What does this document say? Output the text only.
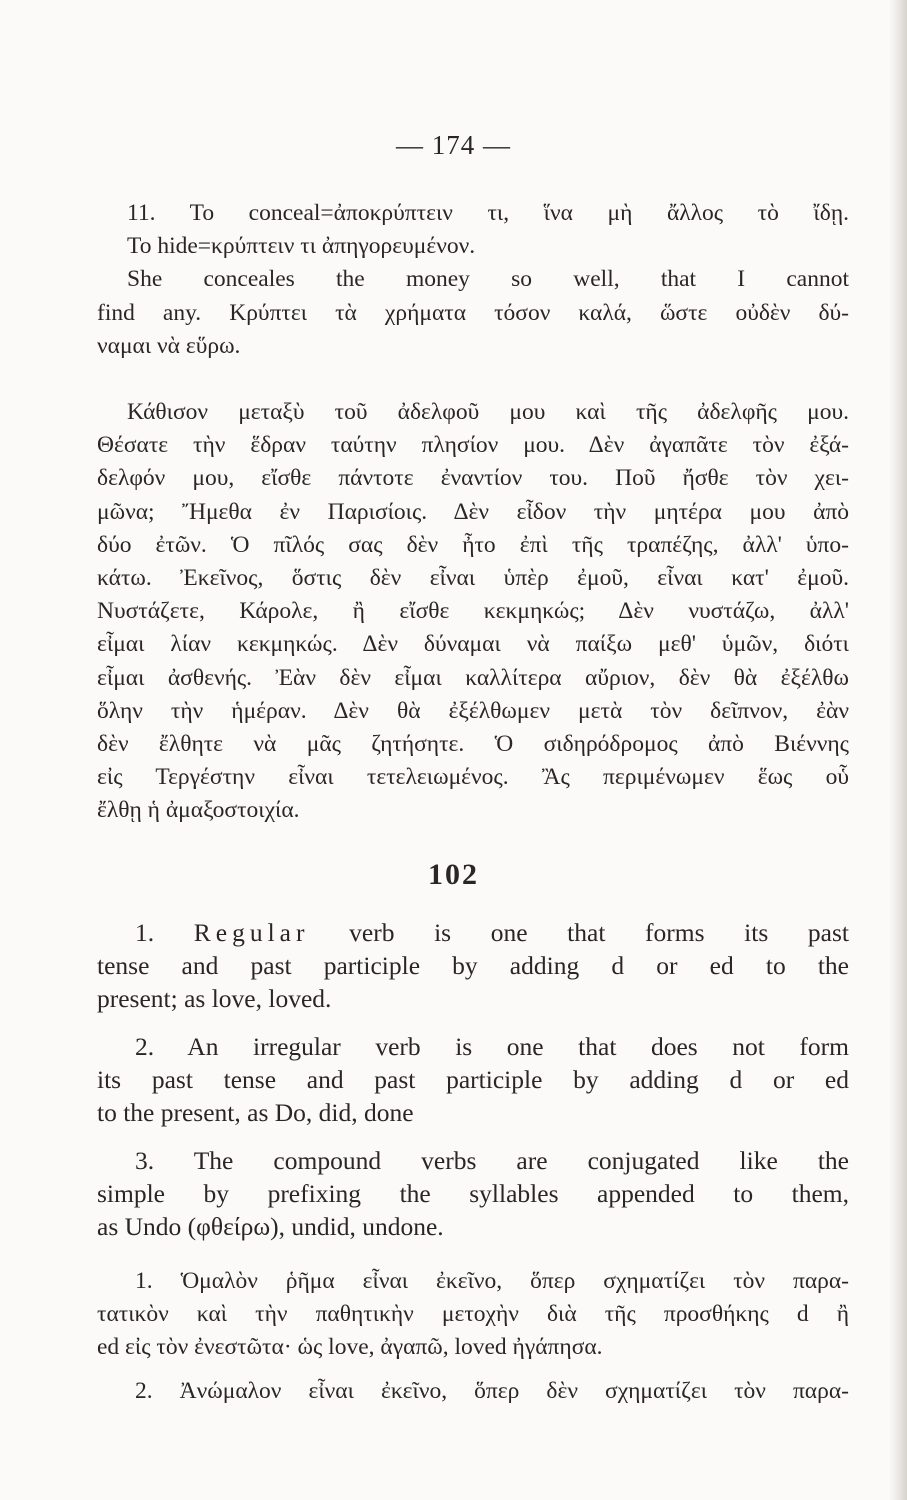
— 174 —
11. To conceal=ἀποκρύπτειν τι, ἵνα μὴ ἄλλος τὸ ἴδῃ.
To hide=κρύπτειν τι ἀπηγορευμένον.
She conceales the money so well, that I cannot
find any. Κρύπτει τὰ χρήματα τόσον καλά, ὥστε οὐδὲν δύ-
ναμαι νὰ εὕρω.
Κάθισον μεταξὺ τοῦ ἀδελφοῦ μου καὶ τῆς ἀδελφῆς μου.
Θέσατε τὴν ἕδραν ταύτην πλησίον μου. Δὲν ἀγαπᾶτε τὸν ἐξά-
δελφόν μου, εἴσθε πάντοτε ἐναντίον του. Ποῦ ἤσθε τὸν χει-
μῶνα; Ἤμεθα ἐν Παρισίοις. Δὲν εἶδον τὴν μητέρα μου ἀπὸ
δύο ἐτῶν. Ὁ πῖλός σας δὲν ἦτο ἐπὶ τῆς τραπέζης, ἀλλ' ὑπο-
κάτω. Ἐκεῖνος, ὅστις δὲν εἶναι ὑπὲρ ἐμοῦ, εἶναι κατ' ἐμοῦ.
Νυστάζετε, Κάρολε, ἢ εἴσθε κεκμηκώς; Δὲν νυστάζω, ἀλλ'
εἶμαι λίαν κεκμηκώς. Δὲν δύναμαι νὰ παίξω μεθ' ὑμῶν, διότι
εἶμαι ἀσθενής. Ἐὰν δὲν εἶμαι καλλίτερα αὔριον, δὲν θὰ ἐξέλθω
ὅλην τὴν ἡμέραν. Δὲν θὰ ἐξέλθωμεν μετὰ τὸν δεῖπνον, ἐὰν
δὲν ἔλθητε νὰ μᾶς ζητήσητε. Ὁ σιδηρόδρομος ἀπὸ Βιέννης
εἰς Τεργέστην εἶναι τετελειωμένος. Ἂς περιμένωμεν ἕως οὗ
ἔλθῃ ἡ ἀμαξοστοιχία.
102
1. Regular verb is one that forms its past
tense and past participle by adding d or ed to the
present; as love, loved.
2. An irregular verb is one that does not form
its past tense and past participle by adding d or ed
to the present, as Do, did, done
3. The compound verbs are conjugated like the
simple by prefixing the syllables appended to them,
as Undo (φθείρω), undid, undone.
1. Ὁμαλὸν ῥῆμα εἶναι ἐκεῖνο, ὅπερ σχηματίζει τὸν παρα-
τατικὸν καὶ τὴν παθητικὴν μετοχὴν διὰ τῆς προσθήκης d ἢ
ed εἰς τὸν ἐνεστῶτα· ὡς love, ἀγαπῶ, loved ἠγάπησα.
2. Ἀνώμαλον εἶναι ἐκεῖνο, ὅπερ δὲν σχηματίζει τὸν παρα-
